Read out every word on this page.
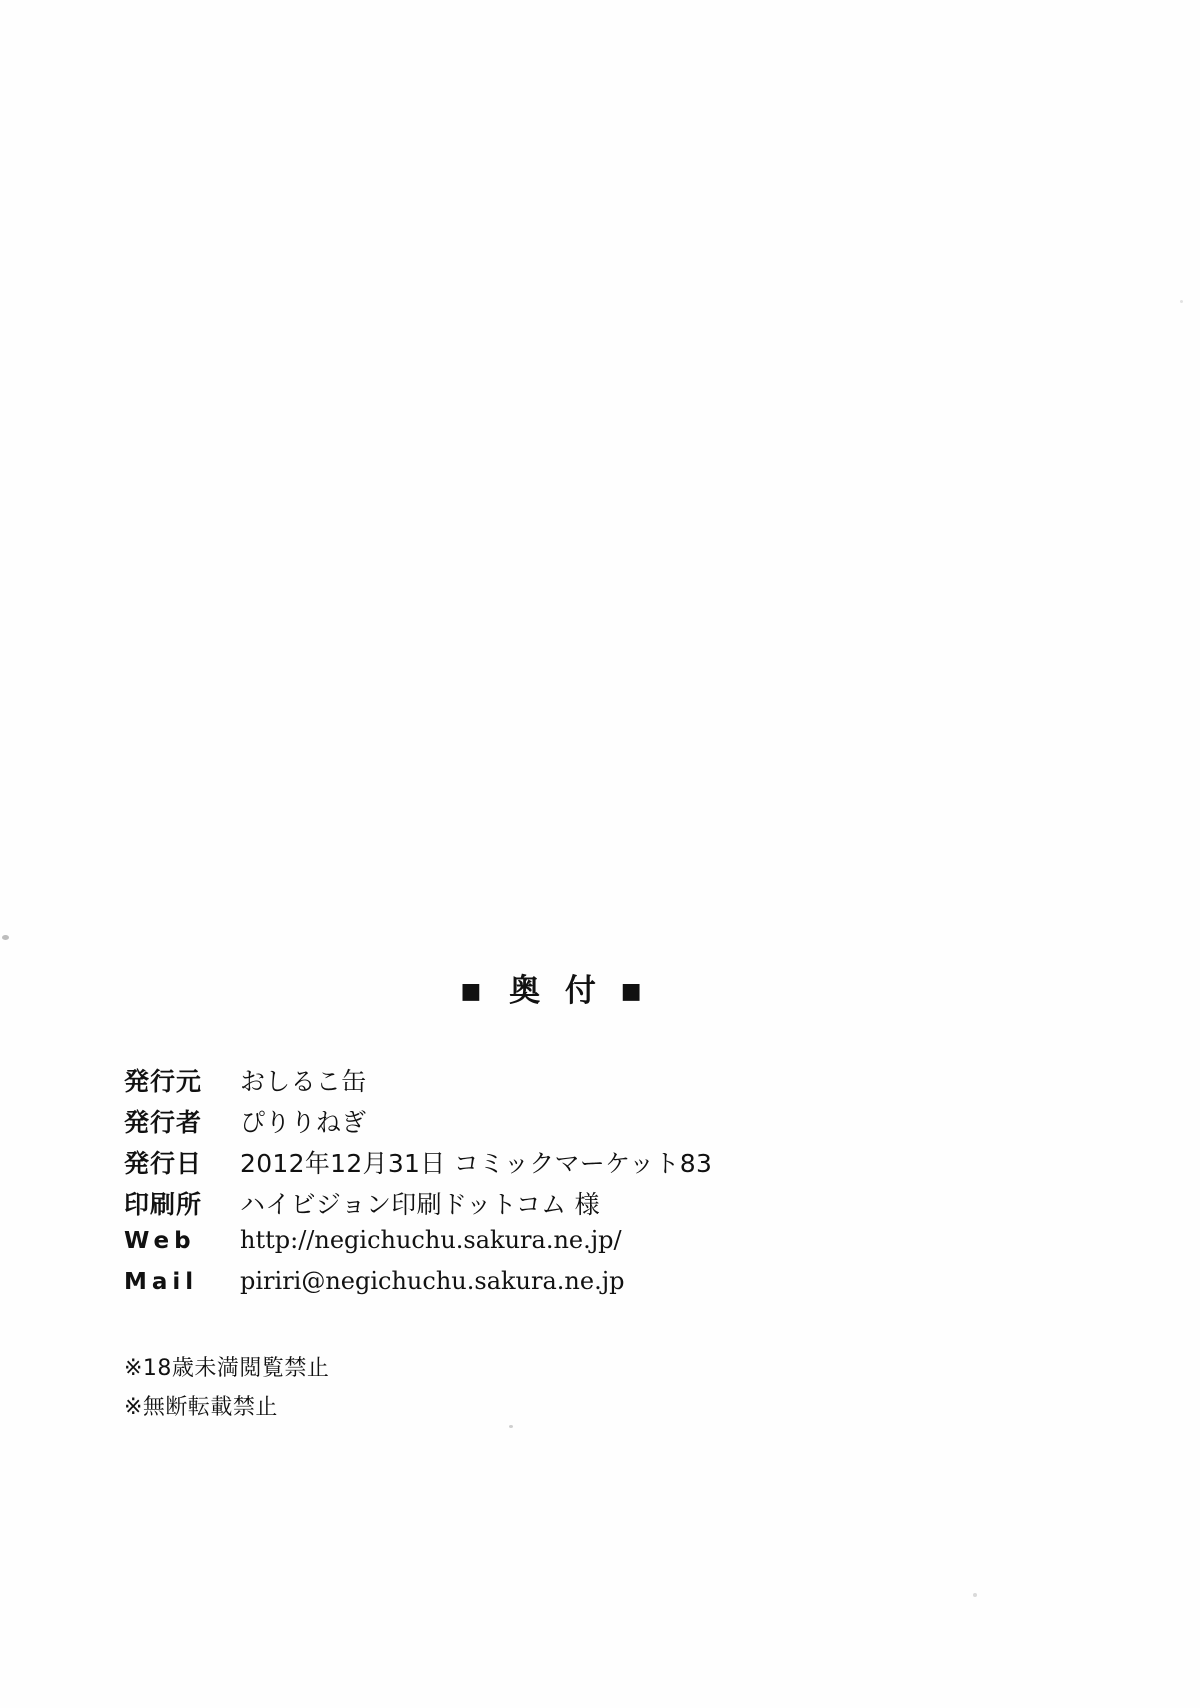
■ 奥 付 ■
発行元	おしるこ缶
発行者	ぴりりねぎ
発行日	2012年12月31日 コミックマーケット83
印刷所	ハイビジョン印刷ドットコム 様
Web	http://negichuchu.sakura.ne.jp/
Mail	piriri@negichuchu.sakura.ne.jp
※18歳未満閲覧禁止
※無断転載禁止
